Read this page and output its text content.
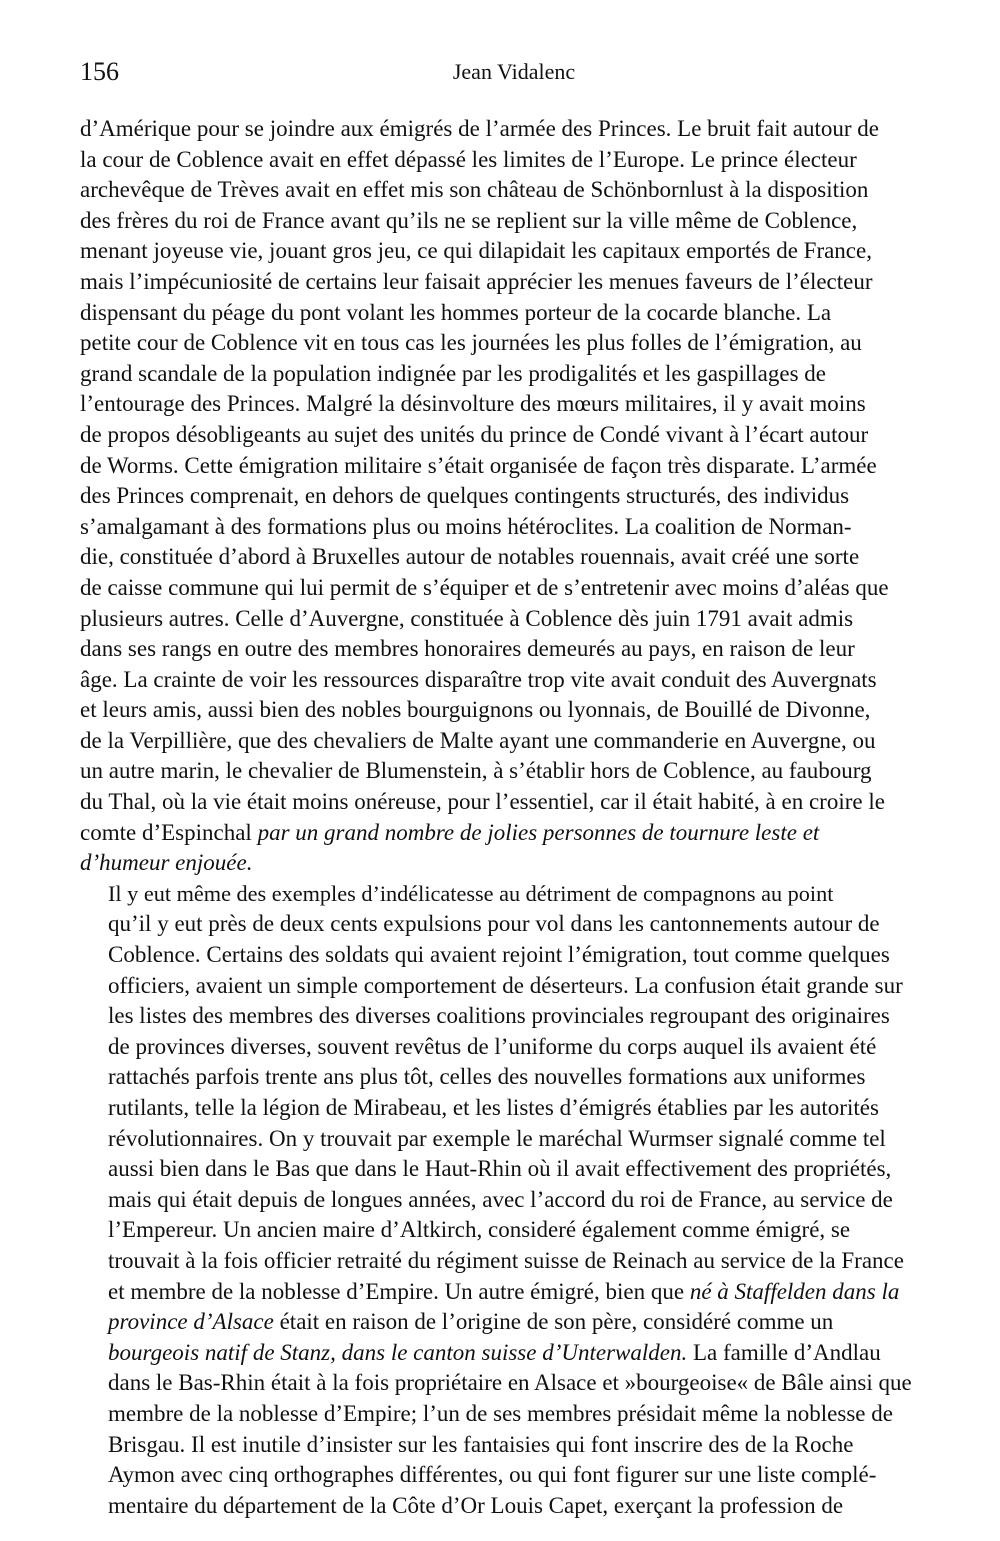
156	Jean Vidalenc

d’Amérique pour se joindre aux émigrés de l’armée des Princes. Le bruit fait autour de
la cour de Coblence avait en effet dépassé les limites de l’Europe. Le prince électeur
archevêque de Trèves avait en effet mis son château de Schönbornlust à la disposition
des frères du roi de France avant qu’ils ne se replient sur la ville même de Coblence,
menant joyeuse vie, jouant gros jeu, ce qui dilapidait les capitaux emportés de France,
mais l’impécuniosité de certains leur faisait apprécier les menues faveurs de l’électeur
dispensant du péage du pont volant les hommes porteur de la cocarde blanche. La
petite cour de Coblence vit en tous cas les journées les plus folles de l’émigration, au
grand scandale de la population indignée par les prodigalités et les gaspillages de
l’entourage des Princes. Malgré la désinvolture des mœurs militaires, il y avait moins
de propos désobligeants au sujet des unités du prince de Condé vivant à l’écart autour
de Worms. Cette émigration militaire s’était organisée de façon très disparate. L’armée
des Princes comprenait, en dehors de quelques contingents structurés, des individus
s’amalgamant à des formations plus ou moins hétéroclites. La coalition de Norman-
die, constituée d’abord à Bruxelles autour de notables rouennais, avait créé une sorte
de caisse commune qui lui permit de s’équiper et de s’entretenir avec moins d’aléas que
plusieurs autres. Celle d’Auvergne, constituée à Coblence dès juin 1791 avait admis
dans ses rangs en outre des membres honoraires demeurés au pays, en raison de leur
âge. La crainte de voir les ressources disparaître trop vite avait conduit des Auvergnats
et leurs amis, aussi bien des nobles bourguignons ou lyonnais, de Bouillé de Divonne,
de la Verpillière, que des chevaliers de Malte ayant une commanderie en Auvergne, ou
un autre marin, le chevalier de Blumenstein, à s’établir hors de Coblence, au faubourg
du Thal, où la vie était moins onéreuse, pour l’essentiel, car il était habité, à en croire le
comte d’Espinchal par un grand nombre de jolies personnes de tournure leste et
d’humeur enjouée.

Il y eut même des exemples d’indélicatesse au détriment de compagnons au point
qu’il y eut près de deux cents expulsions pour vol dans les cantonnements autour de
Coblence. Certains des soldats qui avaient rejoint l’émigration, tout comme quelques
officiers, avaient un simple comportement de déserteurs. La confusion était grande sur
les listes des membres des diverses coalitions provinciales regroupant des originaires
de provinces diverses, souvent revêtus de l’uniforme du corps auquel ils avaient été
rattachés parfois trente ans plus tôt, celles des nouvelles formations aux uniformes
rutilants, telle la légion de Mirabeau, et les listes d’émigrés établies par les autorités
révolutionnaires. On y trouvait par exemple le maréchal Wurmser signalé comme tel
aussi bien dans le Bas que dans le Haut-Rhin où il avait effectivement des propriétés,
mais qui était depuis de longues années, avec l’accord du roi de France, au service de
l’Empereur. Un ancien maire d’Altkirch, consideré également comme émigré, se
trouvait à la fois officier retraité du régiment suisse de Reinach au service de la France
et membre de la noblesse d’Empire. Un autre émigré, bien que né à Staffelden dans la
province d’Alsace était en raison de l’origine de son père, considéré comme un
bourgeois natif de Stanz, dans le canton suisse d’Unterwalden. La famille d’Andlau
dans le Bas-Rhin était à la fois propriétaire en Alsace et »bourgeoise« de Bâle ainsi que
membre de la noblesse d’Empire; l’un de ses membres présidait même la noblesse de
Brisgau. Il est inutile d’insister sur les fantaisies qui font inscrire des de la Roche
Aymon avec cinq orthographes différentes, ou qui font figurer sur une liste complé-
mentaire du département de la Côte d’Or Louis Capet, exerçant la profession de
